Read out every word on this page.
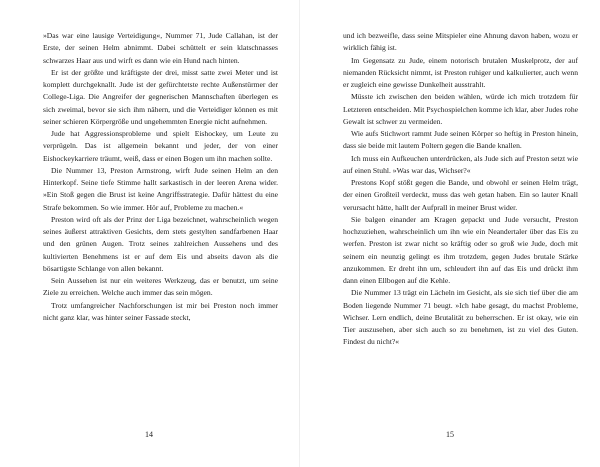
»Das war eine lausige Verteidigung«, Nummer 71, Jude Callahan, ist der Erste, der seinen Helm abnimmt. Dabei schüttelt er sein klatschnasses schwarzes Haar aus und wirft es dann wie ein Hund nach hinten.

Er ist der größte und kräftigste der drei, misst satte zwei Meter und ist komplett durchgeknallt. Jude ist der gefürchtetste rechte Außenstürmer der College-Liga. Die Angreifer der gegnerischen Mannschaften überlegen es sich zweimal, bevor sie sich ihm nähern, und die Verteidiger können es mit seiner schieren Körpergröße und ungehemmten Energie nicht aufnehmen.

Jude hat Aggressionsprobleme und spielt Eishockey, um Leute zu verprügeln. Das ist allgemein bekannt und jeder, der von einer Eishockeykarriere träumt, weiß, dass er einen Bogen um ihn machen sollte.

Die Nummer 13, Preston Armstrong, wirft Jude seinen Helm an den Hinterkopf. Seine tiefe Stimme hallt sarkastisch in der leeren Arena wider. »Ein Stoß gegen die Brust ist keine Angriffsstrategie. Dafür hättest du eine Strafe bekommen. So wie immer. Hör auf, Probleme zu machen.«

Preston wird oft als der Prinz der Liga bezeichnet, wahrscheinlich wegen seines äußerst attraktiven Gesichts, dem stets gestylten sandfarbenen Haar und den grünen Augen. Trotz seines zahlreichen Aussehens und des kultivierten Benehmens ist er auf dem Eis und abseits davon als die bösartigste Schlange von allen bekannt.

Sein Aussehen ist nur ein weiteres Werkzeug, das er benutzt, um seine Ziele zu erreichen. Welche auch immer das sein mögen.

Trotz umfangreicher Nachforschungen ist mir bei Preston noch immer nicht ganz klar, was hinter seiner Fassade steckt,

und ich bezweifle, dass seine Mitspieler eine Ahnung davon haben, wozu er wirklich fähig ist.

Im Gegensatz zu Jude, einem notorisch brutalen Muskelprotz, der auf niemanden Rücksicht nimmt, ist Preston ruhiger und kalkulierter, auch wenn er zugleich eine gewisse Dunkelheit ausstrahlt.

Müsste ich zwischen den beiden wählen, würde ich mich trotzdem für Letzteren entscheiden. Mit Psychospielchen komme ich klar, aber Judes rohe Gewalt ist schwer zu vermeiden.

Wie aufs Stichwort rammt Jude seinen Körper so heftig in Preston hinein, dass sie beide mit lautem Poltern gegen die Bande knallen.

Ich muss ein Aufkeuchen unterdrücken, als Jude sich auf Preston setzt wie auf einen Stuhl. »Was war das, Wichser?«

Prestons Kopf stößt gegen die Bande, und obwohl er seinen Helm trägt, der einen Großteil verdeckt, muss das weh getan haben. Ein so lauter Knall verursacht hätte, hallt der Aufprall in meiner Brust wider.

Sie balgen einander am Kragen gepackt und Jude versucht, Preston hochzuziehen, wahrscheinlich um ihn wie ein Neandertaler über das Eis zu werfen. Preston ist zwar nicht so kräftig oder so groß wie Jude, doch mit seinem ein neunzig gelingt es ihm trotzdem, gegen Judes brutale Stärke anzukommen. Er dreht ihn um, schleudert ihn auf das Eis und drückt ihm dann einen Ellbogen auf die Kehle.

Die Nummer 13 trägt ein Lächeln im Gesicht, als sie sich tief über die am Boden liegende Nummer 71 beugt. »Ich habe gesagt, du machst Probleme, Wichser. Lern endlich, deine Brutalität zu beherrschen. Er ist okay, wie ein Tier auszusehen, aber sich auch so zu benehmen, ist zu viel des Guten. Findest du nicht?«

14	15
